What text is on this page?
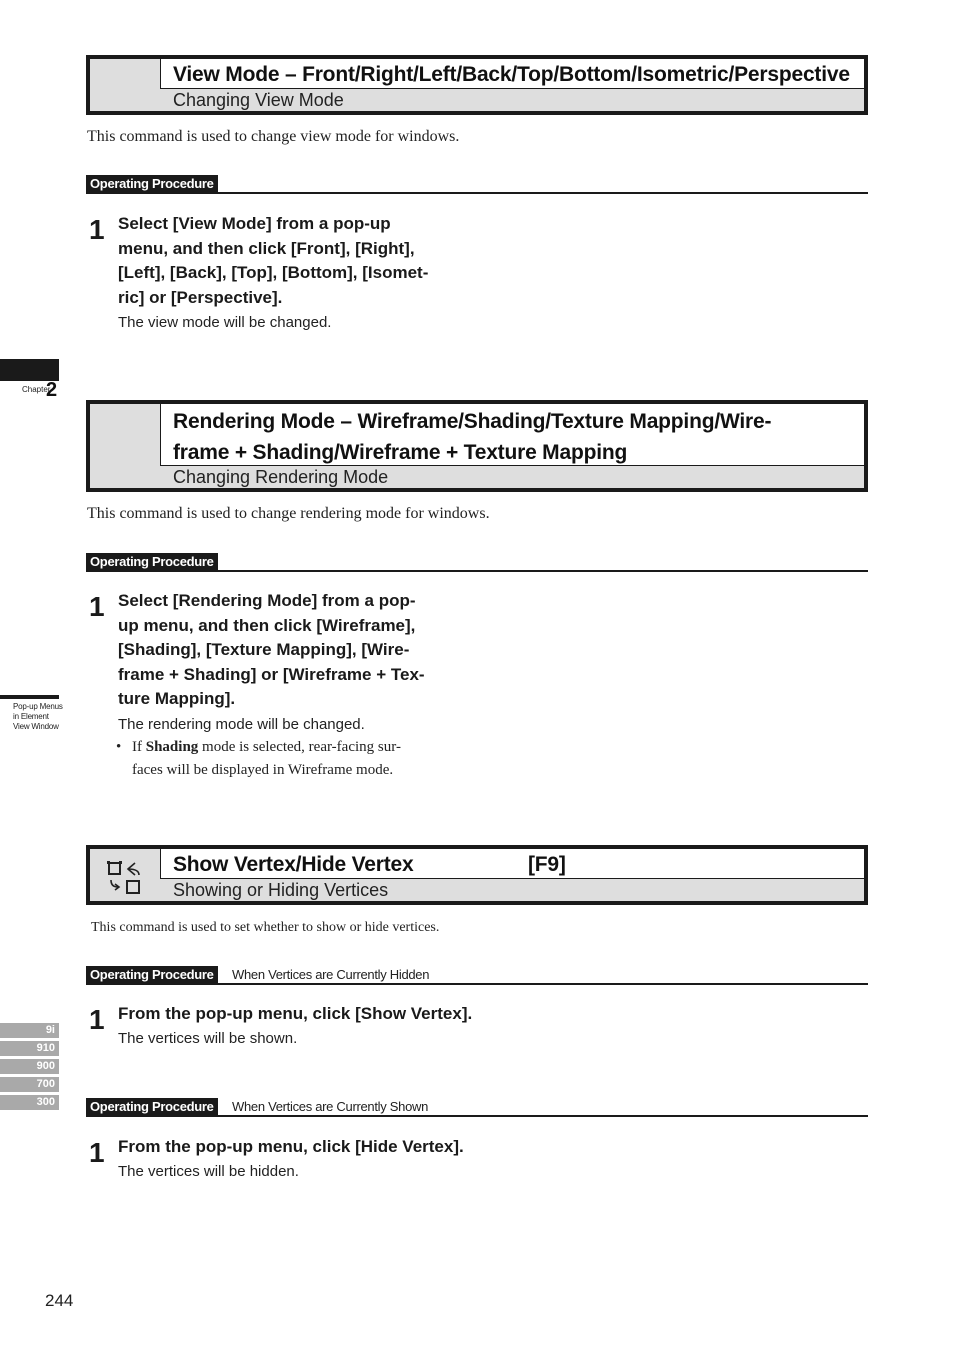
Chapter
2
Pop-up Menus in Element View Window
9i
910
900
700
300
View Mode – Front/Right/Left/Back/Top/Bottom/Isometric/Perspective
Changing View Mode
This command is used to change view mode for windows.
Operating Procedure
1 Select [View Mode] from a pop-up
menu, and then click [Front], [Right],
[Left], [Back], [Top], [Bottom], [Isomet-
ric] or [Perspective].
The view mode will be changed.
Rendering Mode – Wireframe/Shading/Texture Mapping/Wire-
frame + Shading/Wireframe + Texture Mapping
Changing Rendering Mode
This command is used to change rendering mode for windows.
Operating Procedure
1 Select [Rendering Mode] from a pop-
up menu, and then click [Wireframe],
[Shading], [Texture Mapping], [Wire-
frame + Shading] or [Wireframe + Tex-
ture Mapping].
The rendering mode will be changed.
• If Shading mode is selected, rear-facing sur-
faces will be displayed in Wireframe mode.
Show Vertex/Hide Vertex	[F9]
Showing or Hiding Vertices
This command is used to set whether to show or hide vertices.
Operating Procedure	When Vertices are Currently Hidden
1 From the pop-up menu, click [Show Vertex].
The vertices will be shown.
Operating Procedure	When Vertices are Currently Shown
1 From the pop-up menu, click [Hide Vertex].
The vertices will be hidden.
244
